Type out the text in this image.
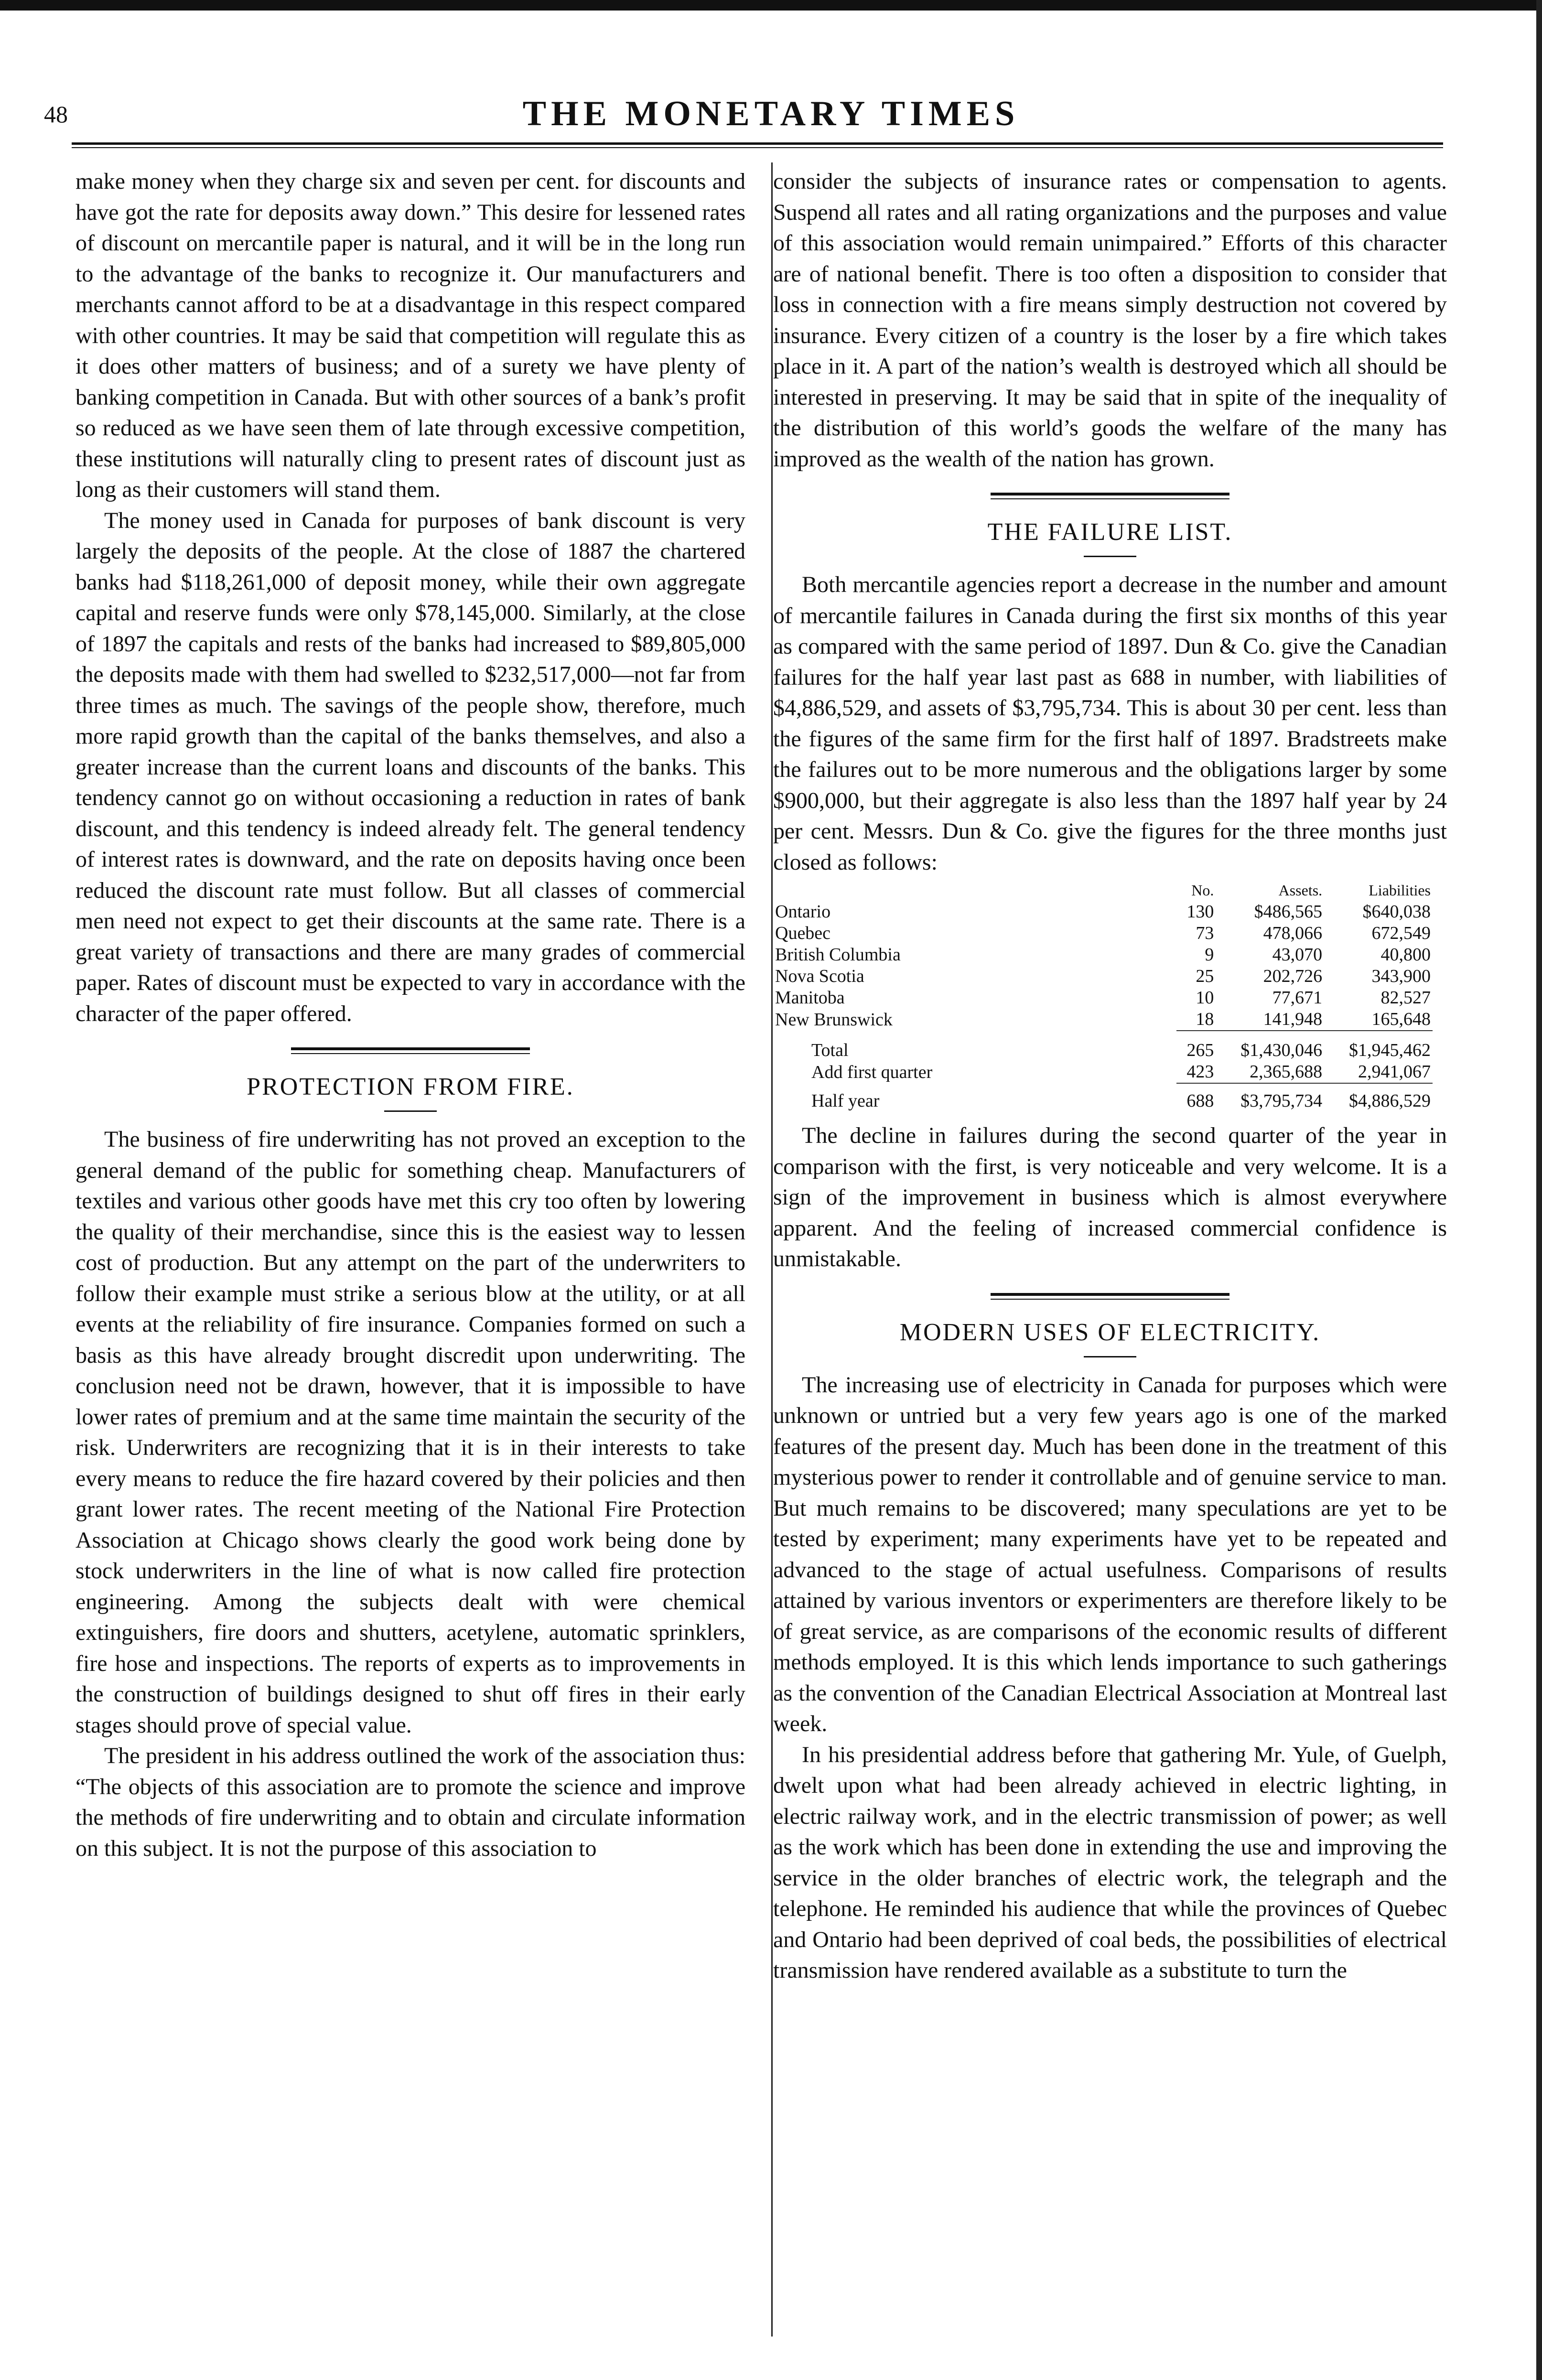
48	THE MONETARY TIMES

make money when they charge six and seven per cent. for discounts and have got the rate for deposits away down.” This desire for lessened rates of discount on mercantile paper is natural, and it will be in the long run to the advantage of the banks to recognize it. Our manufacturers and merchants cannot afford to be at a disadvantage in this respect compared with other countries. It may be said that competition will regulate this as it does other matters of business; and of a surety we have plenty of banking competition in Canada. But with other sources of a bank’s profit so reduced as we have seen them of late through excessive competition, these institutions will naturally cling to present rates of discount just as long as their customers will stand them.

The money used in Canada for purposes of bank discount is very largely the deposits of the people. At the close of 1887 the chartered banks had $118,261,000 of deposit money, while their own aggregate capital and reserve funds were only $78,145,000. Similarly, at the close of 1897 the capitals and rests of the banks had increased to $89,805,000 the deposits made with them had swelled to $232,517,000—not far from three times as much. The savings of the people show, therefore, much more rapid growth than the capital of the banks themselves, and also a greater increase than the current loans and discounts of the banks. This tendency cannot go on without occasioning a reduction in rates of bank discount, and this tendency is indeed already felt. The general tendency of interest rates is downward, and the rate on deposits having once been reduced the discount rate must follow. But all classes of commercial men need not expect to get their discounts at the same rate. There is a great variety of transactions and there are many grades of commercial paper. Rates of discount must be expected to vary in accordance with the character of the paper offered.

PROTECTION FROM FIRE.

The business of fire underwriting has not proved an exception to the general demand of the public for something cheap. Manufacturers of textiles and various other goods have met this cry too often by lowering the quality of their merchandise, since this is the easiest way to lessen cost of production. But any attempt on the part of the underwriters to follow their example must strike a serious blow at the utility, or at all events at the reliability of fire insurance. Companies formed on such a basis as this have already brought discredit upon underwriting. The conclusion need not be drawn, however, that it is impossible to have lower rates of premium and at the same time maintain the security of the risk. Underwriters are recognizing that it is in their interests to take every means to reduce the fire hazard covered by their policies and then grant lower rates. The recent meeting of the National Fire Protection Association at Chicago shows clearly the good work being done by stock underwriters in the line of what is now called fire protection engineering. Among the subjects dealt with were chemical extinguishers, fire doors and shutters, acetylene, automatic sprinklers, fire hose and inspections. The reports of experts as to improvements in the construction of buildings designed to shut off fires in their early stages should prove of special value.

The president in his address outlined the work of the association thus: “The objects of this association are to promote the science and improve the methods of fire underwriting and to obtain and circulate information on this subject. It is not the purpose of this association to

consider the subjects of insurance rates or compensation to agents. Suspend all rates and all rating organizations and the purposes and value of this association would remain unimpaired.” Efforts of this character are of national benefit. There is too often a disposition to consider that loss in connection with a fire means simply destruction not covered by insurance. Every citizen of a country is the loser by a fire which takes place in it. A part of the nation’s wealth is destroyed which all should be interested in preserving. It may be said that in spite of the inequality of the distribution of this world’s goods the welfare of the many has improved as the wealth of the nation has grown.

THE FAILURE LIST.

Both mercantile agencies report a decrease in the number and amount of mercantile failures in Canada during the first six months of this year as compared with the same period of 1897. Dun & Co. give the Canadian failures for the half year last past as 688 in number, with liabilities of $4,886,529, and assets of $3,795,734. This is about 30 per cent. less than the figures of the same firm for the first half of 1897. Bradstreets make the failures out to be more numerous and the obligations larger by some $900,000, but their aggregate is also less than the 1897 half year by 24 per cent. Messrs. Dun & Co. give the figures for the three months just closed as follows:

	No.	Assets.	Liabilities
Ontario	130	$486,565	$640,038
Quebec	73	478,066	672,549
British Columbia	9	43,070	40,800
Nova Scotia	25	202,726	343,900
Manitoba	10	77,671	82,527
New Brunswick	18	141,948	165,648
Total	265	$1,430,046	$1,945,462
Add first quarter	423	2,365,688	2,941,067
Half year	688	$3,795,734	$4,886,529

The decline in failures during the second quarter of the year in comparison with the first, is very noticeable and very welcome. It is a sign of the improvement in business which is almost everywhere apparent. And the feeling of increased commercial confidence is unmistakable.

MODERN USES OF ELECTRICITY.

The increasing use of electricity in Canada for purposes which were unknown or untried but a very few years ago is one of the marked features of the present day. Much has been done in the treatment of this mysterious power to render it controllable and of genuine service to man. But much remains to be discovered; many speculations are yet to be tested by experiment; many experiments have yet to be repeated and advanced to the stage of actual usefulness. Comparisons of results attained by various inventors or experimenters are therefore likely to be of great service, as are comparisons of the economic results of different methods employed. It is this which lends importance to such gatherings as the convention of the Canadian Electrical Association at Montreal last week.

In his presidential address before that gathering Mr. Yule, of Guelph, dwelt upon what had been already achieved in electric lighting, in electric railway work, and in the electric transmission of power; as well as the work which has been done in extending the use and improving the service in the older branches of electric work, the telegraph and the telephone. He reminded his audience that while the provinces of Quebec and Ontario had been deprived of coal beds, the possibilities of electrical transmission have rendered available as a substitute to turn the
